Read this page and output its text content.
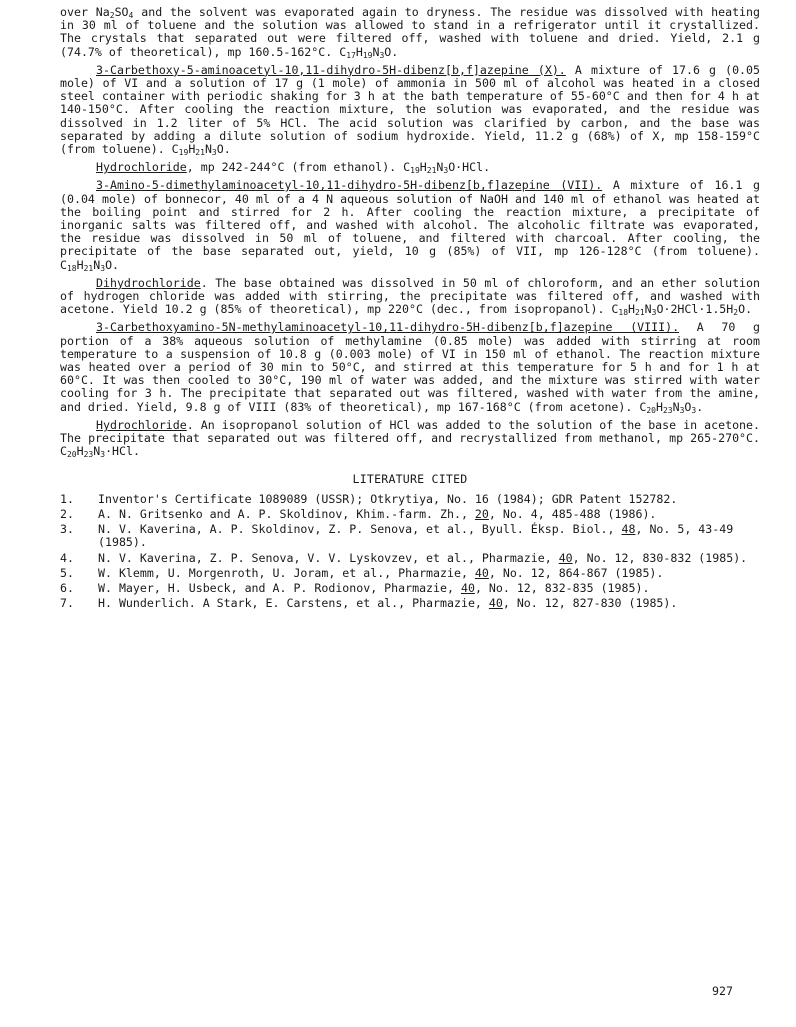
over $Na_2SO_4$ and the solvent was evaporated again to dryness. The residue was dissolved with heating in 30 ml of toluene and the solution was allowed to stand in a refrigerator until it crystallized. The crystals that separated out were filtered off, washed with toluene and dried. Yield, 2.1 g (74.7% of theoretical), mp 160.5-162°C. $C_{17}H_{19}N_3O$.

3-Carbethoxy-5-aminoacetyl-10,11-dihydro-5H-dibenz[b,f]azepine (X). A mixture of 17.6 g (0.05 mole) of VI and a solution of 17 g (1 mole) of ammonia in 500 ml of alcohol was heated in a closed steel container with periodic shaking for 3 h at the bath temperature of 55-60°C and then for 4 h at 140-150°C. After cooling the reaction mixture, the solution was evaporated, and the residue was dissolved in 1.2 liter of 5% HCl. The acid solution was clarified by carbon, and the base was separated by adding a dilute solution of sodium hydroxide. Yield, 11.2 g (68%) of X, mp 158-159°C (from toluene). $C_{19}H_{21}N_3O$.

Hydrochloride, mp 242-244°C (from ethanol). $C_{19}H_{21}N_3O\cdot HCl$.

3-Amino-5-dimethylaminoacetyl-10,11-dihydro-5H-dibenz[b,f]azepine (VII). A mixture of 16.1 g (0.04 mole) of bonnecor, 40 ml of a 4 N aqueous solution of NaOH and 140 ml of ethanol was heated at the boiling point and stirred for 2 h. After cooling the reaction mixture, a precipitate of inorganic salts was filtered off, and washed with alcohol. The alcoholic filtrate was evaporated, the residue was dissolved in 50 ml of toluene, and filtered with charcoal. After cooling, the precipitate of the base separated out, yield, 10 g (85%) of VII, mp 126-128°C (from toluene). $C_{18}H_{21}N_3O$.

Dihydrochloride. The base obtained was dissolved in 50 ml of chloroform, and an ether solution of hydrogen chloride was added with stirring, the precipitate was filtered off, and washed with acetone. Yield 10.2 g (85% of theoretical), mp 220°C (dec., from isopropanol). $C_{18}H_{21}N_3O\cdot 2HCl\cdot 1.5H_2O$.

3-Carbethoxyamino-5N-methylaminoacetyl-10,11-dihydro-5H-dibenz[b,f]azepine (VIII). A 70 g portion of a 38% aqueous solution of methylamine (0.85 mole) was added with stirring at room temperature to a suspension of 10.8 g (0.003 mole) of VI in 150 ml of ethanol. The reaction mixture was heated over a period of 30 min to 50°C, and stirred at this temperature for 5 h and for 1 h at 60°C. It was then cooled to 30°C, 190 ml of water was added, and the mixture was stirred with water cooling for 3 h. The precipitate that separated out was filtered, washed with water from the amine, and dried. Yield, 9.8 g of VIII (83% of theoretical), mp 167-168°C (from acetone). $C_{20}H_{23}N_3O_3$.

Hydrochloride. An isopropanol solution of HCl was added to the solution of the base in acetone. The precipitate that separated out was filtered off, and recrystallized from methanol, mp 265-270°C. $C_{20}H_{23}N_3\cdot HCl$.

LITERATURE CITED
1. Inventor's Certificate 1089089 (USSR); Otkrytiya, No. 16 (1984); GDR Patent 152782.
2. A. N. Gritsenko and A. P. Skoldinov, Khim.-farm. Zh., 20, No. 4, 485-488 (1986).
3. N. V. Kaverina, A. P. Skoldinov, Z. P. Senova, et al., Byull. Éksp. Biol., 48, No. 5, 43-49 (1985).
4. N. V. Kaverina, Z. P. Senova, V. V. Lyskovzev, et al., Pharmazie, 40, No. 12, 830-832 (1985).
5. W. Klemm, U. Morgenroth, U. Joram, et al., Pharmazie, 40, No. 12, 864-867 (1985).
6. W. Mayer, H. Usbeck, and A. P. Rodionov, Pharmazie, 40, No. 12, 832-835 (1985).
7. H. Wunderlich. A Stark, E. Carstens, et al., Pharmazie, 40, No. 12, 827-830 (1985).
927
